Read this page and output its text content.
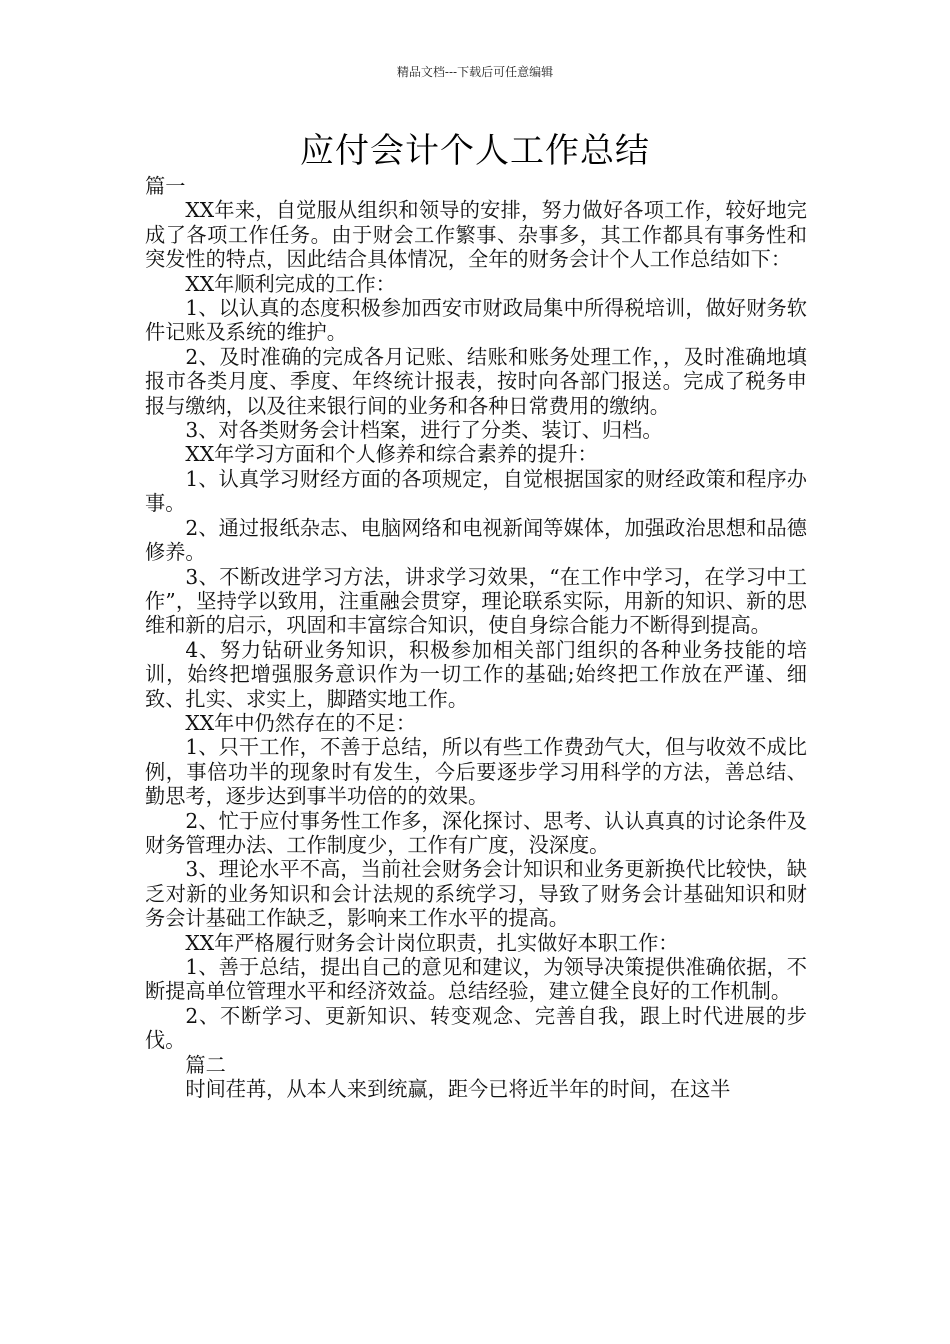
精品文档---下载后可任意编辑
应付会计个人工作总结

篇一

XX年来，自觉服从组织和领导的安排，努力做好各项工作，较好地完成了各项工作任务。由于财会工作繁事、杂事多，其工作都具有事务性和突发性的特点，因此结合具体情况，全年的财务会计个人工作总结如下：

XX年顺利完成的工作：

1、以认真的态度积极参加西安市财政局集中所得税培训，做好财务软件记账及系统的维护。

2、及时准确的完成各月记账、结账和账务处理工作，，及时准确地填报市各类月度、季度、年终统计报表，按时向各部门报送。完成了税务申报与缴纳，以及往来银行间的业务和各种日常费用的缴纳。

3、对各类财务会计档案，进行了分类、装订、归档。

XX年学习方面和个人修养和综合素养的提升：

1、认真学习财经方面的各项规定，自觉根据国家的财经政策和程序办事。

2、通过报纸杂志、电脑网络和电视新闻等媒体，加强政治思想和品德修养。

3、不断改进学习方法，讲求学习效果，“在工作中学习，在学习中工作”，坚持学以致用，注重融会贯穿，理论联系实际，用新的知识、新的思维和新的启示，巩固和丰富综合知识，使自身综合能力不断得到提高。

4、努力钻研业务知识，积极参加相关部门组织的各种业务技能的培训，始终把增强服务意识作为一切工作的基础;始终把工作放在严谨、细致、扎实、求实上，脚踏实地工作。

XX年中仍然存在的不足：

1、只干工作，不善于总结，所以有些工作费劲气大，但与收效不成比例，事倍功半的现象时有发生，今后要逐步学习用科学的方法，善总结、勤思考，逐步达到事半功倍的的效果。

2、忙于应付事务性工作多，深化探讨、思考、认认真真的讨论条件及财务管理办法、工作制度少，工作有广度，没深度。

3、理论水平不高，当前社会财务会计知识和业务更新换代比较快，缺乏对新的业务知识和会计法规的系统学习，导致了财务会计基础知识和财务会计基础工作缺乏，影响来工作水平的提高。

XX年严格履行财务会计岗位职责，扎实做好本职工作：

1、善于总结，提出自己的意见和建议，为领导决策提供准确依据，不断提高单位管理水平和经济效益。总结经验，建立健全良好的工作机制。

2、不断学习、更新知识、转变观念、完善自我，跟上时代进展的步伐。

篇二

时间荏苒，从本人来到统赢，距今已将近半年的时间，在这半
